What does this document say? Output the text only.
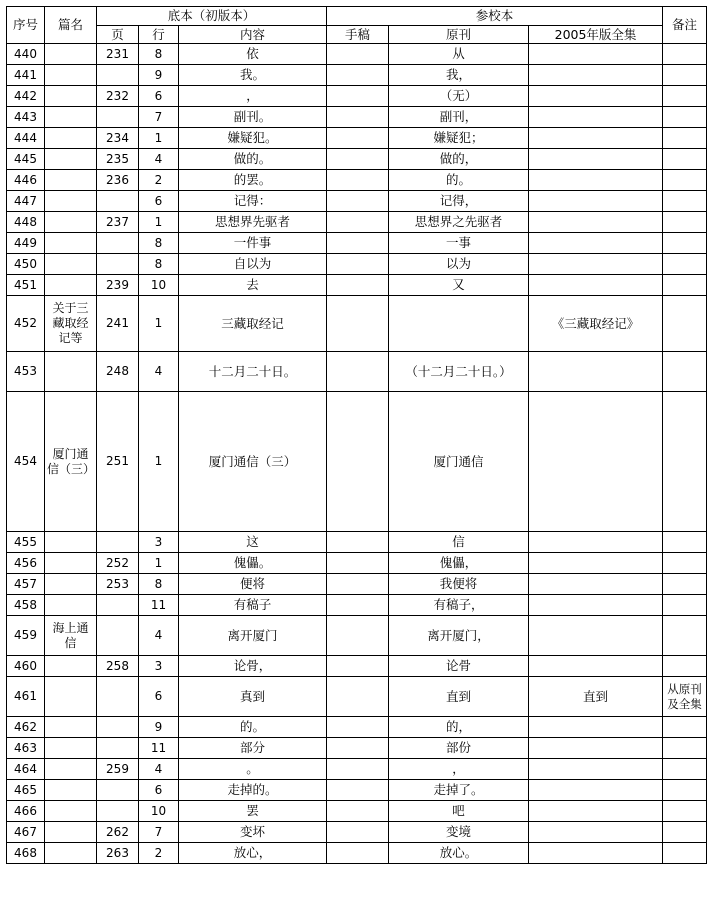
序号	篇名	底本（初版本）			参校本			备注
		页	行	内容	手稿	原刊	2005年版全集	
440		231	8	依		从		
441			9	我。		我，		
442		232	6	，		（无）		
443			7	副刊。		副刊，		
444		234	1	嫌疑犯。		嫌疑犯；		
445		235	4	做的。		做的，		
446		236	2	的罢。		的。		
447			6	记得：		记得，		
448		237	1	思想界先驱者		思想界之先驱者		
449			8	一件事		一事		
450			8	自以为		以为		
451		239	10	去		又		
452	关于三藏取经记等	241	1	三藏取经记			《三藏取经记》	
453		248	4	十二月二十日。		（十二月二十日。）		
454	厦门通信（三）	251	1	厦门通信（三）		厦门通信		
455			3	这		信		
456		252	1	傀儡。		傀儡，		
457		253	8	便将		我便将		
458			11	有稿子		有稿子，		
459	海上通信		4	离开厦门		离开厦门，		
460		258	3	论骨，		论骨		
461			6	真到		直到	直到	从原刊及全集
462			9	的。		的，		
463			11	部分		部份		
464		259	4	。		，		
465			6	走掉的。		走掉了。		
466			10	罢		吧		
467		262	7	变坏		变境		
468		263	2	放心，		放心。		
